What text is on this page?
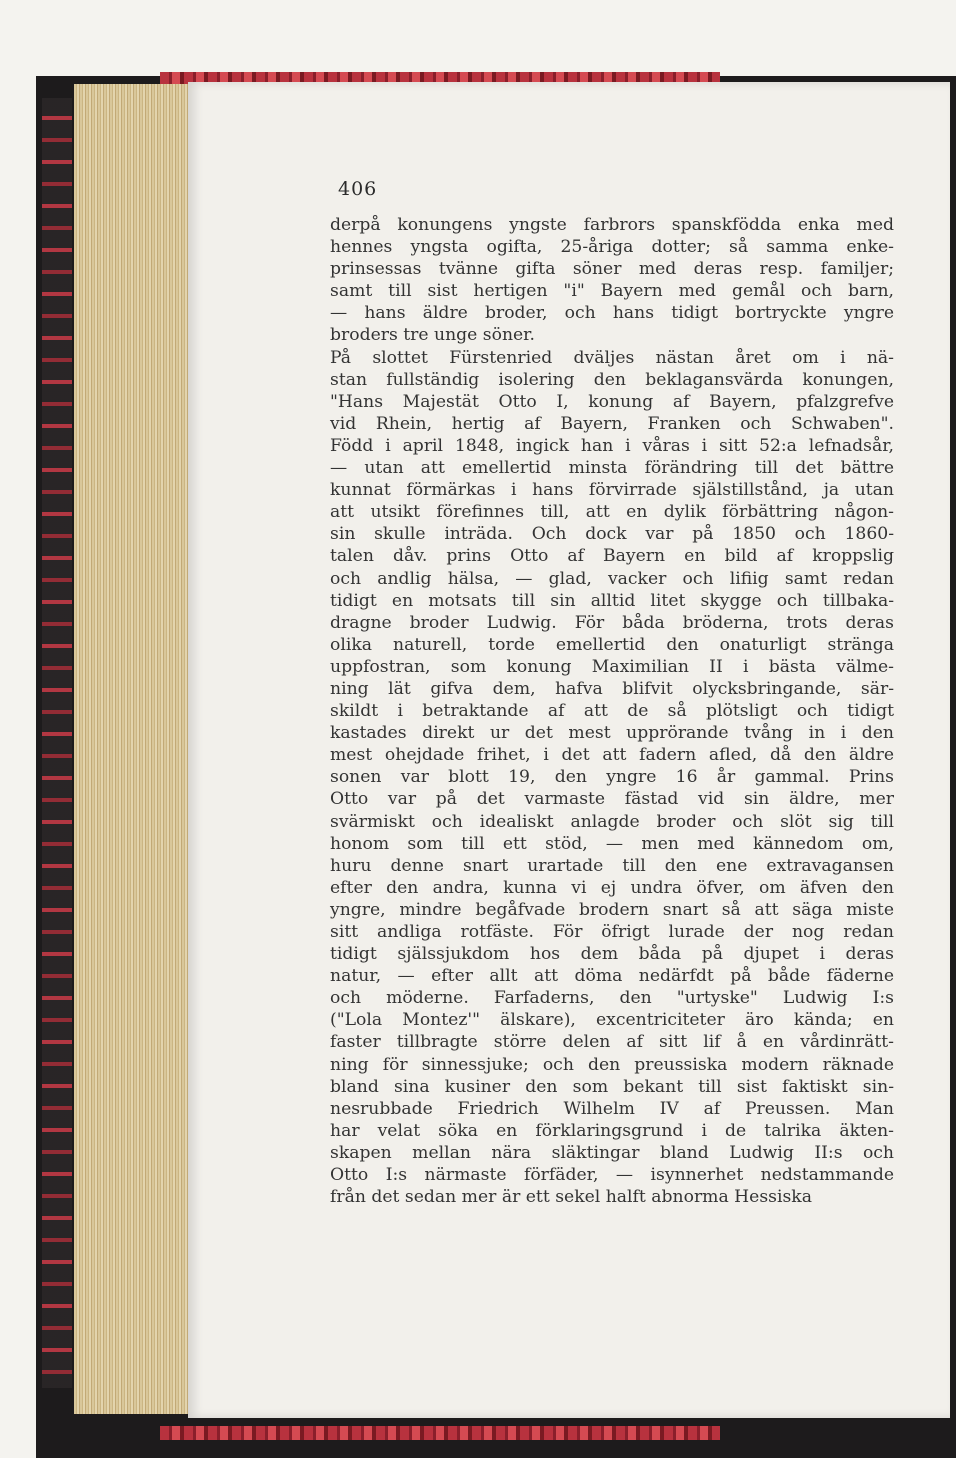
406
derpå konungens yngste farbrors spanskfödda enka med
hennes yngsta ogifta, 25-åriga dotter; så samma enke-
prinsessas tvänne gifta söner med deras resp. familjer;
samt till sist hertigen "i" Bayern med gemål och barn,
— hans äldre broder, och hans tidigt bortryckte yngre
broders tre unge söner.
På slottet Fürstenried dväljes nästan året om i nä-
stan fullständig isolering den beklagansvärda konungen,
"Hans Majestät Otto I, konung af Bayern, pfalzgrefve
vid Rhein, hertig af Bayern, Franken och Schwaben".
Född i april 1848, ingick han i våras i sitt 52:a lefnadsår,
— utan att emellertid minsta förändring till det bättre
kunnat förmärkas i hans förvirrade själstillstånd, ja utan
att utsikt förefinnes till, att en dylik förbättring någon-
sin skulle inträda. Och dock var på 1850 och 1860-
talen dåv. prins Otto af Bayern en bild af kroppslig
och andlig hälsa, — glad, vacker och lifiig samt redan
tidigt en motsats till sin alltid litet skygge och tillbaka-
dragne broder Ludwig. För båda bröderna, trots deras
olika naturell, torde emellertid den onaturligt stränga
uppfostran, som konung Maximilian II i bästa välme-
ning lät gifva dem, hafva blifvit olycksbringande, sär-
skildt i betraktande af att de så plötsligt och tidigt
kastades direkt ur det mest upprörande tvång in i den
mest ohejdade frihet, i det att fadern afled, då den äldre
sonen var blott 19, den yngre 16 år gammal. Prins
Otto var på det varmaste fästad vid sin äldre, mer
svärmiskt och idealiskt anlagde broder och slöt sig till
honom som till ett stöd, — men med kännedom om,
huru denne snart urartade till den ene extravagansen
efter den andra, kunna vi ej undra öfver, om äfven den
yngre, mindre begåfvade brodern snart så att säga miste
sitt andliga rotfäste. För öfrigt lurade der nog redan
tidigt själssjukdom hos dem båda på djupet i deras
natur, — efter allt att döma nedärfdt på både fäderne
och möderne. Farfaderns, den "urtyske" Ludwig I:s
("Lola Montez'" älskare), excentriciteter äro kända; en
faster tillbragte större delen af sitt lif å en vårdinrätt-
ning för sinnessjuke; och den preussiska modern räknade
bland sina kusiner den som bekant till sist faktiskt sin-
nesrubbade Friedrich Wilhelm IV af Preussen. Man
har velat söka en förklaringsgrund i de talrika äkten-
skapen mellan nära släktingar bland Ludwig II:s och
Otto I:s närmaste förfäder, — isynnerhet nedstammande
från det sedan mer är ett sekel halft abnorma Hessiska
